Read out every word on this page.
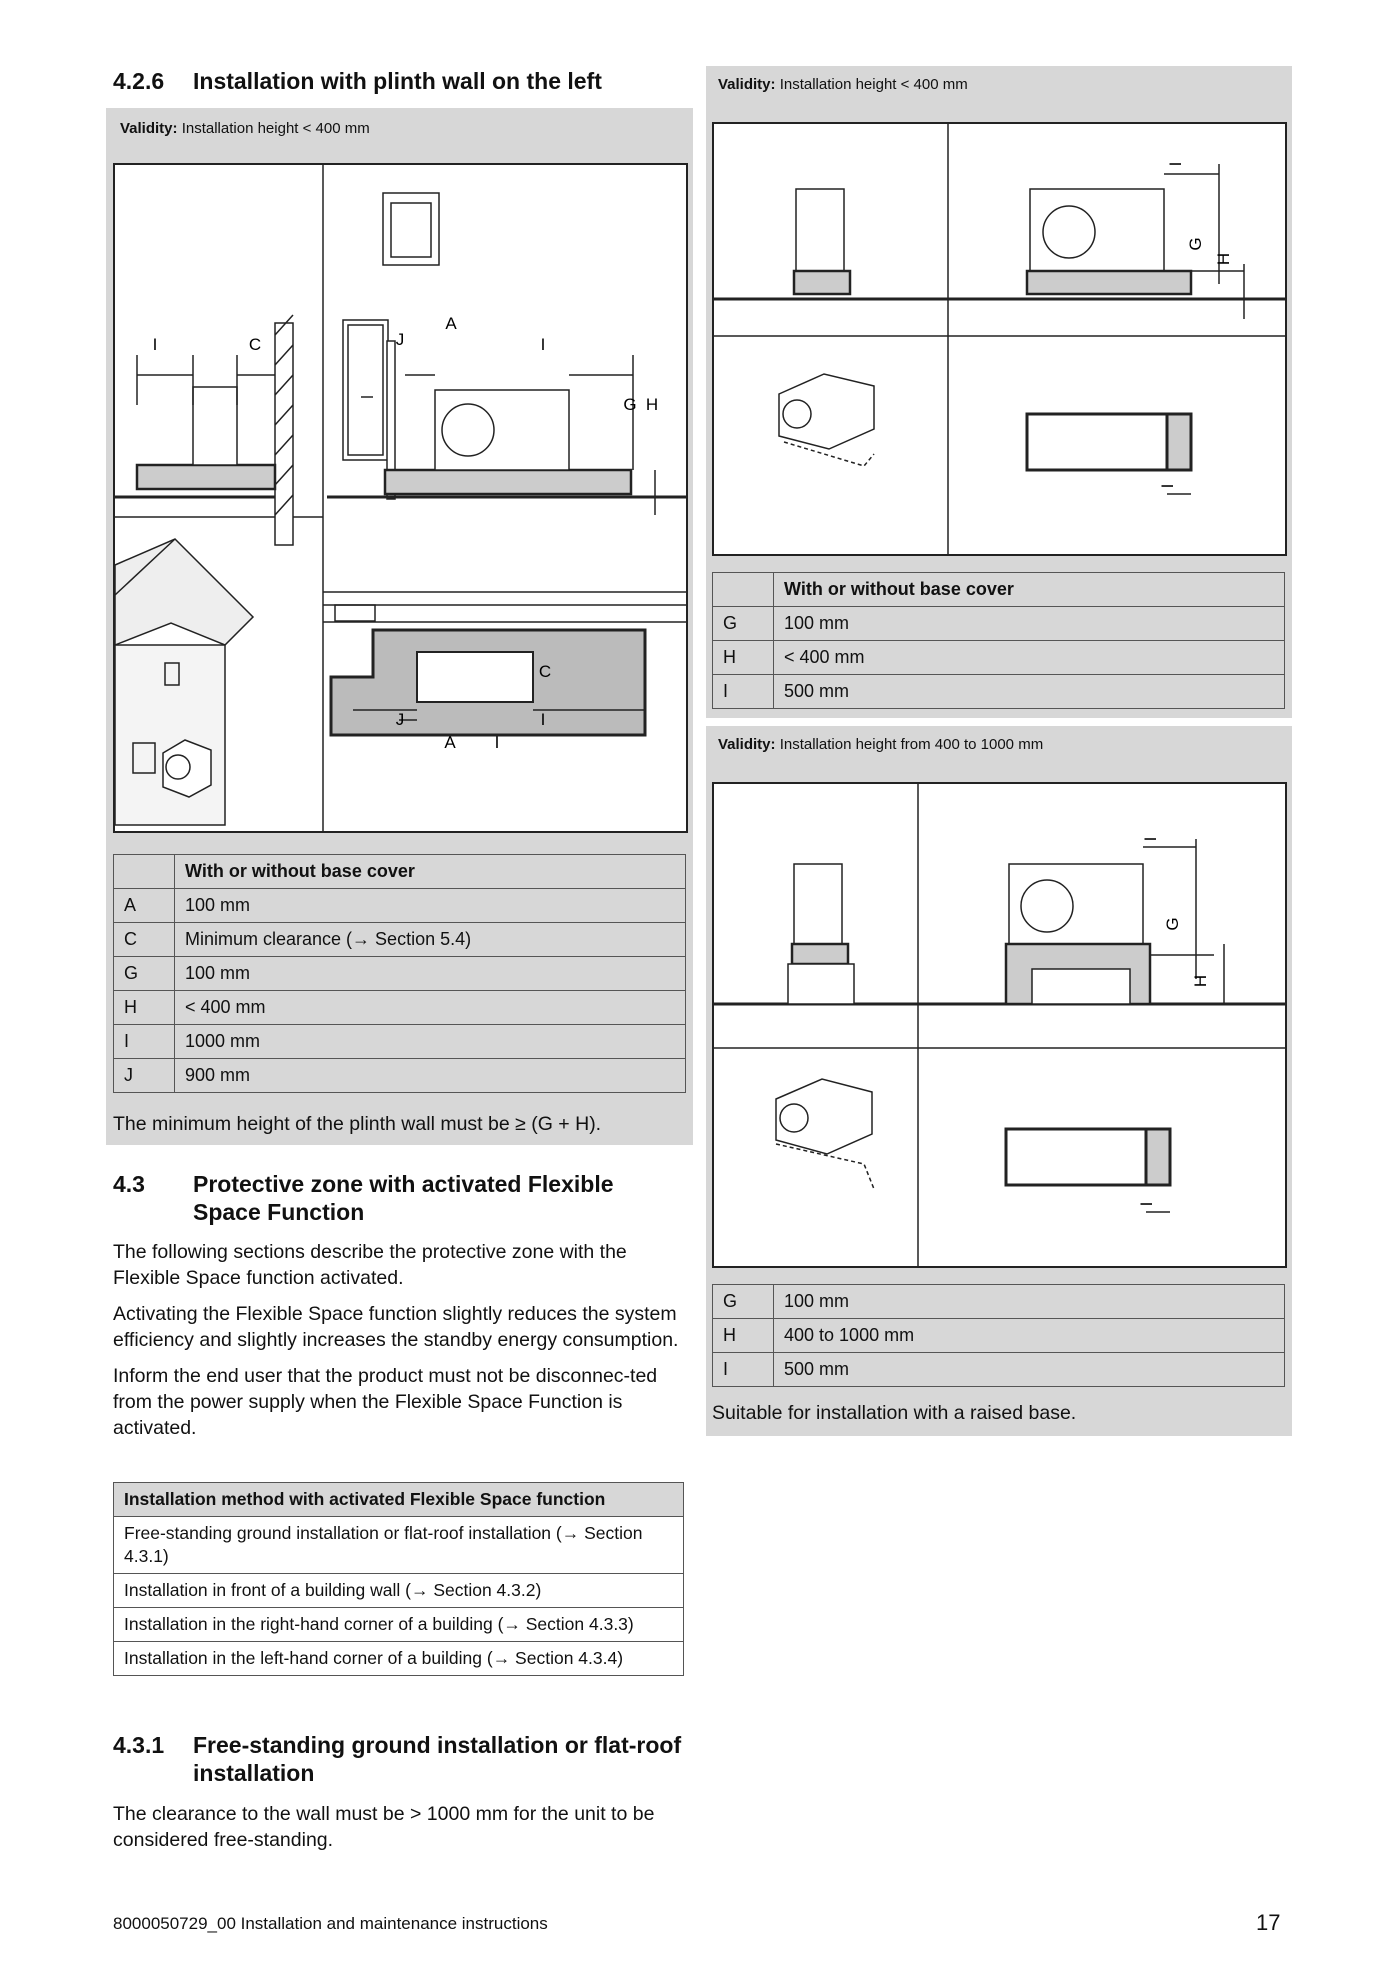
4.2.6 Installation with plinth wall on the left
Validity: Installation height < 400 mm
I	C	J
A
I
G H
J
A
I
I
C
	With or without base cover
A	100 mm
C	Minimum clearance (→ Section 5.4)
G	100 mm
H	< 400 mm
I	1000 mm
J	900 mm
The minimum height of the plinth wall must be ≥ (G + H).
4.3 Protective zone with activated Flexible
Space Function

The following sections describe the protective zone with the Flexible Space function activated.

Activating the Flexible Space function slightly reduces the system efficiency and slightly increases the standby energy consumption.

Inform the end user that the product must not be disconnec-ted from the power supply when the Flexible Space Function is activated.

Installation method with activated Flexible Space function
Free-standing ground installation or flat-roof installation (→ Section 4.3.1)
Installation in front of a building wall (→ Section 4.3.2)
Installation in the right-hand corner of a building (→ Section 4.3.3)
Installation in the left-hand corner of a building (→ Section 4.3.4)
4.3.1 Free-standing ground installation or flat-roof
installation

The clearance to the wall must be > 1000 mm for the unit to be considered free-standing.

Validity: Installation height < 400 mm
I
G
H
I
	With or without base cover
G	100 mm
H	< 400 mm
I	500 mm
Validity: Installation height from 400 to 1000 mm
I
G
H
I
G	100 mm
H	400 to 1000 mm
I	500 mm
Suitable for installation with a raised base.
8000050729_00 Installation and maintenance instructions	17
